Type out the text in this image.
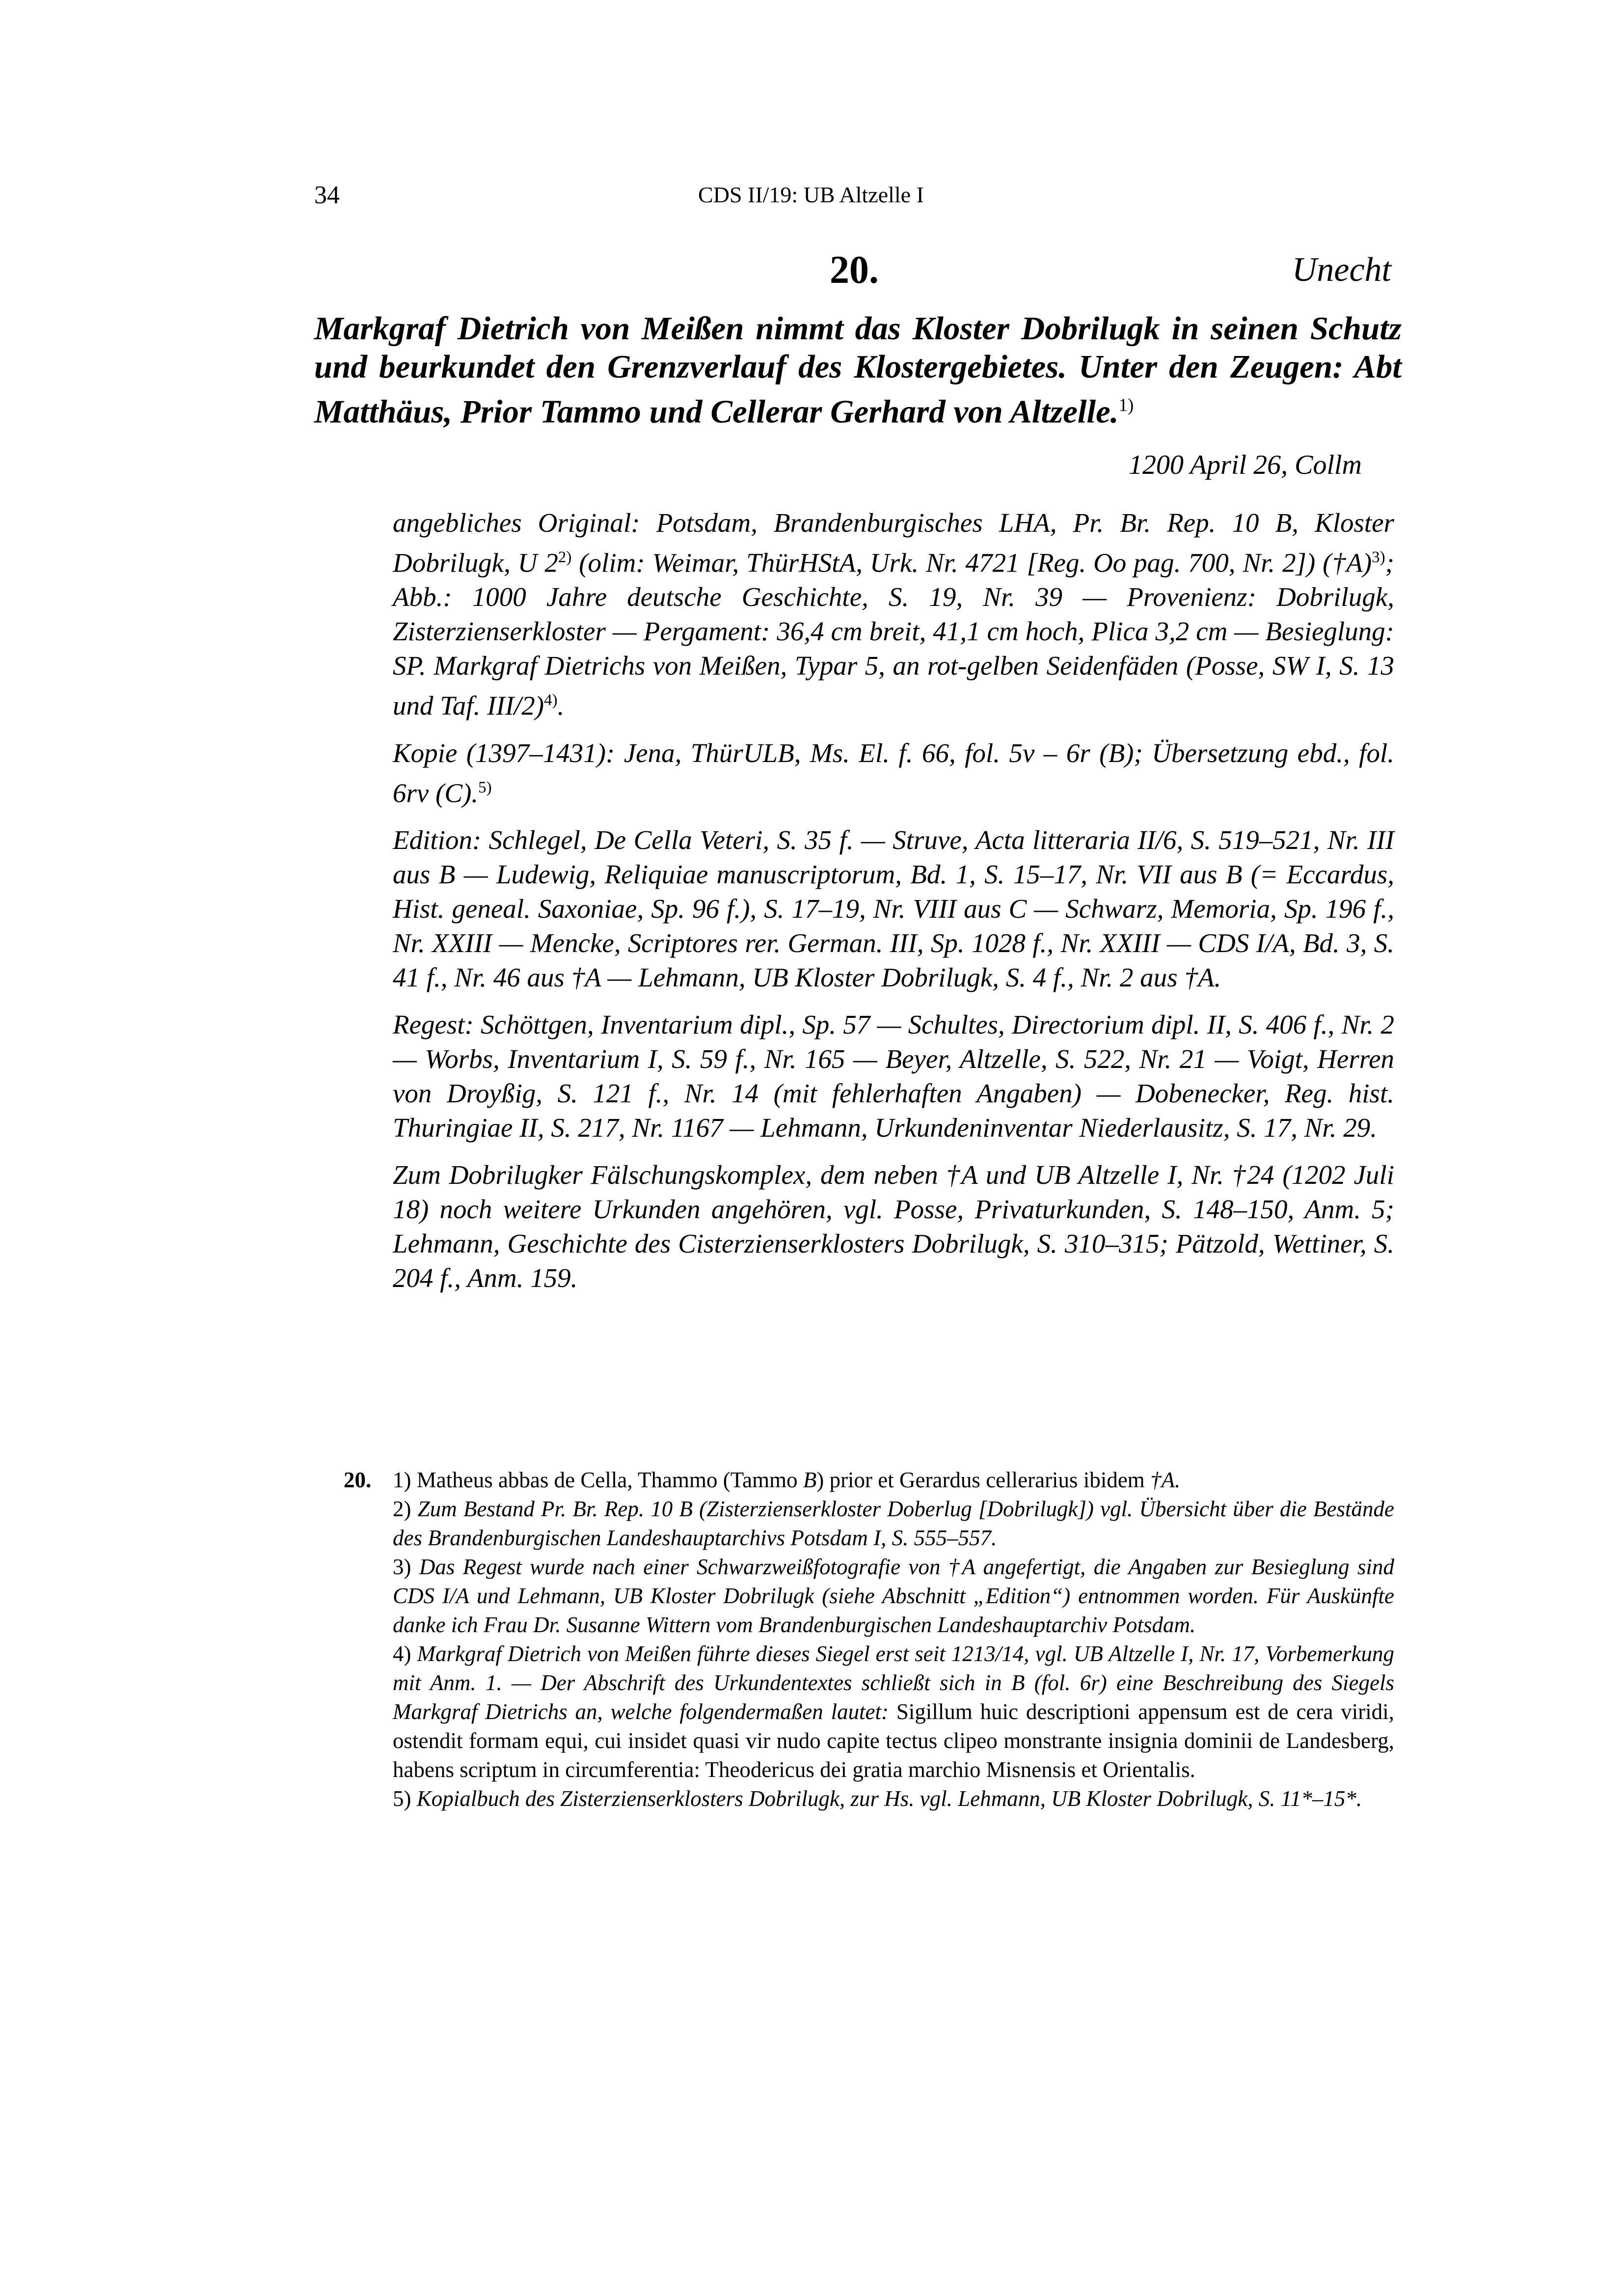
34	CDS II/19: UB Altzelle I
20.	Unecht
Markgraf Dietrich von Meißen nimmt das Kloster Dobrilugk in seinen Schutz und beurkundet den Grenzverlauf des Klostergebietes. Unter den Zeugen: Abt Matthäus, Prior Tammo und Cellerar Gerhard von Altzelle.$^{1)}$
1200 April 26, Collm

angebliches Original: Potsdam, Brandenburgisches LHA, Pr. Br. Rep. 10 B, Kloster Dobrilugk, U 2$^{2)}$ (olim: Weimar, ThürHStA, Urk. Nr. 4721 [Reg. Oo pag. 700, Nr. 2]) (†A)$^{3)}$; Abb.: 1000 Jahre deutsche Geschichte, S. 19, Nr. 39 — Provenienz: Dobrilugk, Zisterzienserkloster — Pergament: 36,4 cm breit, 41,1 cm hoch, Plica 3,2 cm — Besieglung: SP. Markgraf Dietrichs von Meißen, Typar 5, an rot-gelben Seidenfäden (Posse, SW I, S. 13 und Taf. III/2)$^{4)}$.

Kopie (1397–1431): Jena, ThürULB, Ms. El. f. 66, fol. 5v – 6r (B); Übersetzung ebd., fol. 6rv (C).$^{5)}$

Edition: Schlegel, De Cella Veteri, S. 35 f. — Struve, Acta litteraria II/6, S. 519–521, Nr. III aus B — Ludewig, Reliquiae manuscriptorum, Bd. 1, S. 15–17, Nr. VII aus B (= Eccardus, Hist. geneal. Saxoniae, Sp. 96 f.), S. 17–19, Nr. VIII aus C — Schwarz, Memoria, Sp. 196 f., Nr. XXIII — Mencke, Scriptores rer. German. III, Sp. 1028 f., Nr. XXIII — CDS I/A, Bd. 3, S. 41 f., Nr. 46 aus †A — Lehmann, UB Kloster Dobrilugk, S. 4 f., Nr. 2 aus †A.

Regest: Schöttgen, Inventarium dipl., Sp. 57 — Schultes, Directorium dipl. II, S. 406 f., Nr. 2 — Worbs, Inventarium I, S. 59 f., Nr. 165 — Beyer, Altzelle, S. 522, Nr. 21 — Voigt, Herren von Droyßig, S. 121 f., Nr. 14 (mit fehlerhaften Angaben) — Dobenecker, Reg. hist. Thuringiae II, S. 217, Nr. 1167 — Lehmann, Urkundeninventar Niederlausitz, S. 17, Nr. 29.

Zum Dobrilugker Fälschungskomplex, dem neben †A und UB Altzelle I, Nr. †24 (1202 Juli 18) noch weitere Urkunden angehören, vgl. Posse, Privaturkunden, S. 148–150, Anm. 5; Lehmann, Geschichte des Cisterzienserklosters Dobrilugk, S. 310–315; Pätzold, Wettiner, S. 204 f., Anm. 159.

20. 1) Matheus abbas de Cella, Thammo (Tammo B) prior et Gerardus cellerarius ibidem †A.

2) Zum Bestand Pr. Br. Rep. 10 B (Zisterzienserkloster Doberlug [Dobrilugk]) vgl. Übersicht über die Bestände des Brandenburgischen Landeshauptarchivs Potsdam I, S. 555–557.

3) Das Regest wurde nach einer Schwarzweißfotografie von †A angefertigt, die Angaben zur Besieglung sind CDS I/A und Lehmann, UB Kloster Dobrilugk (siehe Abschnitt „Edition“) entnommen worden. Für Auskünfte danke ich Frau Dr. Susanne Wittern vom Brandenburgischen Landeshauptarchiv Potsdam.

4) Markgraf Dietrich von Meißen führte dieses Siegel erst seit 1213/14, vgl. UB Altzelle I, Nr. 17, Vorbemerkung mit Anm. 1. — Der Abschrift des Urkundentextes schließt sich in B (fol. 6r) eine Beschreibung des Siegels Markgraf Dietrichs an, welche folgendermaßen lautet: Sigillum huic descriptioni appensum est de cera viridi, ostendit formam equi, cui insidet quasi vir nudo capite tectus clipeo monstrante insignia dominii de Landesberg, habens scriptum in circumferentia: Theodericus dei gratia marchio Misnensis et Orientalis.

5) Kopialbuch des Zisterzienserklosters Dobrilugk, zur Hs. vgl. Lehmann, UB Kloster Dobrilugk, S. 11*–15*.
